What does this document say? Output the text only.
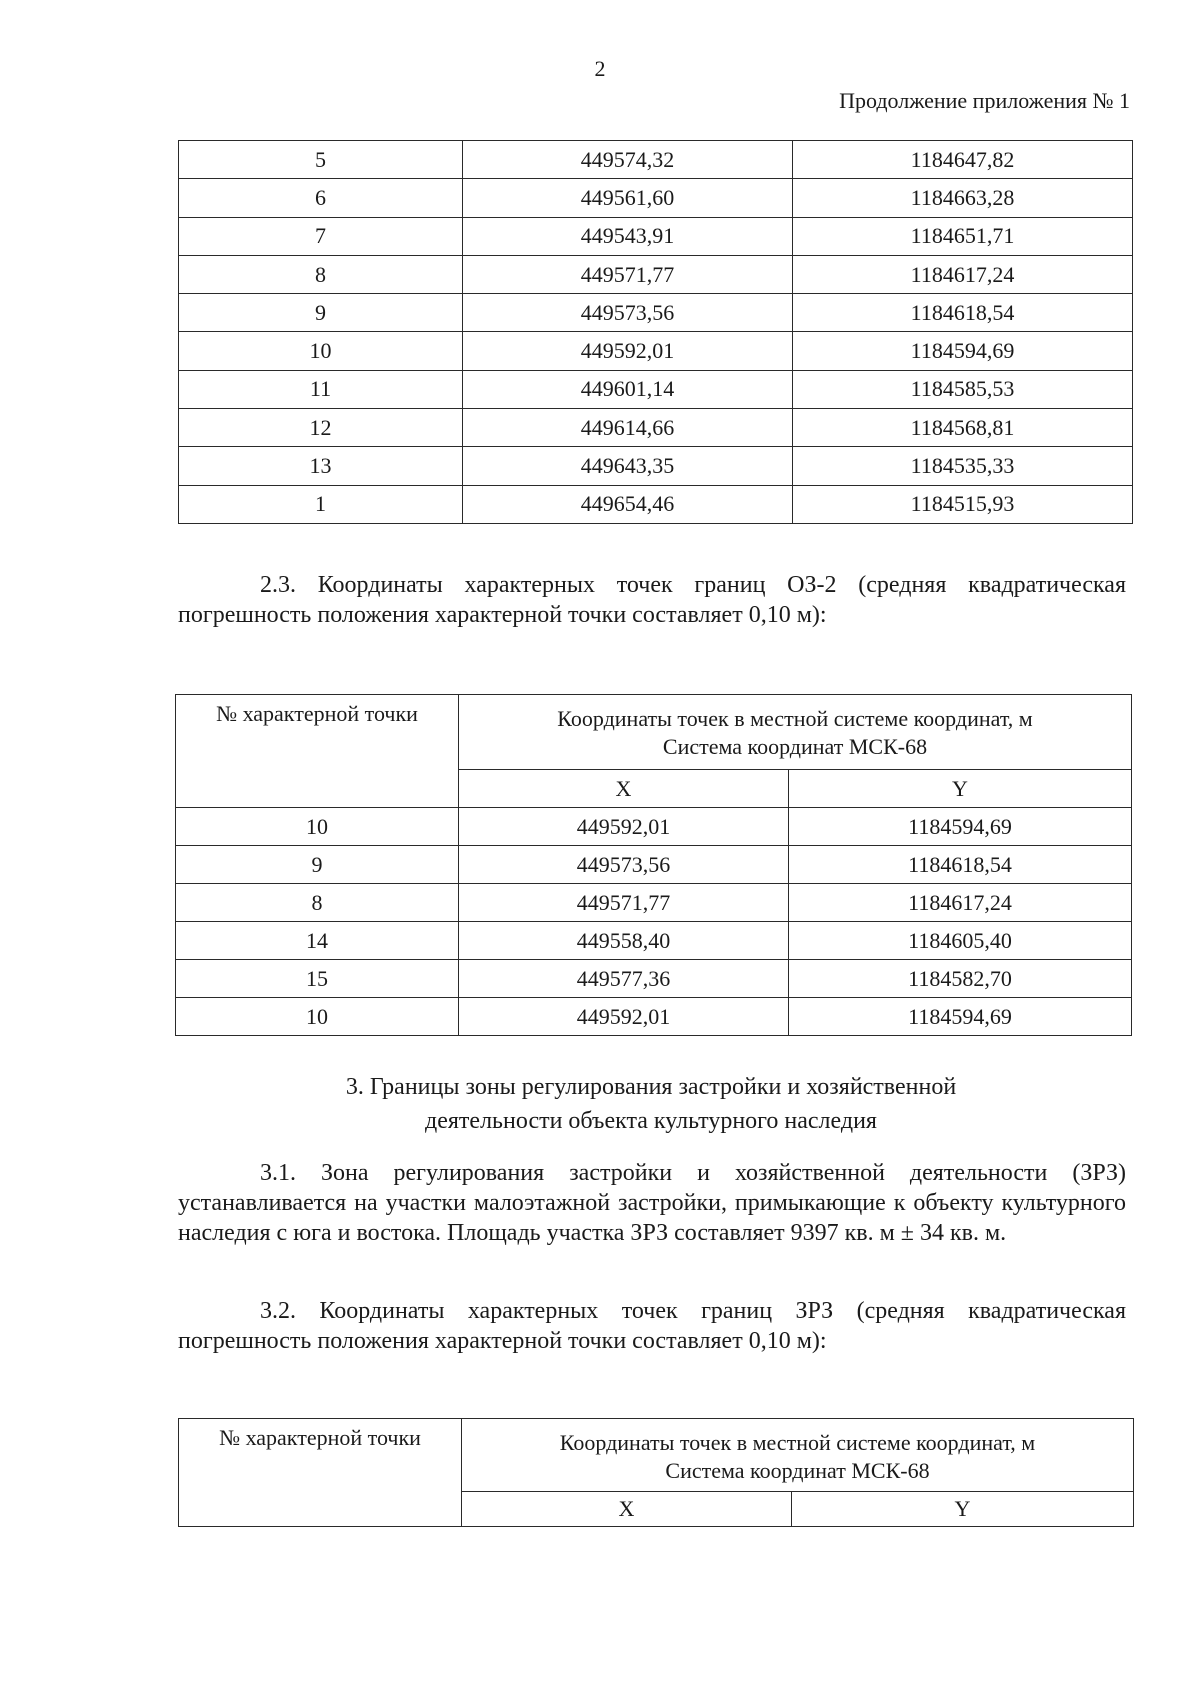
2
Продолжение приложения № 1
5	449574,32	1184647,82
6	449561,60	1184663,28
7	449543,91	1184651,71
8	449571,77	1184617,24
9	449573,56	1184618,54
10	449592,01	1184594,69
11	449601,14	1184585,53
12	449614,66	1184568,81
13	449643,35	1184535,33
1	449654,46	1184515,93
2.3. Координаты характерных точек границ ОЗ-2 (средняя квадратическая погрешность положения характерной точки составляет 0,10 м):
№ характерной точки	Координаты точек в местной системе координат, м
Система координат МСК-68	
	X	Y
10	449592,01	1184594,69
9	449573,56	1184618,54
8	449571,77	1184617,24
14	449558,40	1184605,40
15	449577,36	1184582,70
10	449592,01	1184594,69
3. Границы зоны регулирования застройки и хозяйственной
деятельности объекта культурного наследия
3.1. Зона регулирования застройки и хозяйственной деятельности (ЗРЗ) устанавливается на участки малоэтажной застройки, примыкающие к объекту культурного наследия с юга и востока. Площадь участка ЗРЗ составляет 9397 кв. м ± 34 кв. м.
3.2. Координаты характерных точек границ ЗРЗ (средняя квадратическая погрешность положения характерной точки составляет 0,10 м):
№ характерной точки	Координаты точек в местной системе координат, м
Система координат МСК-68	
	X	Y
